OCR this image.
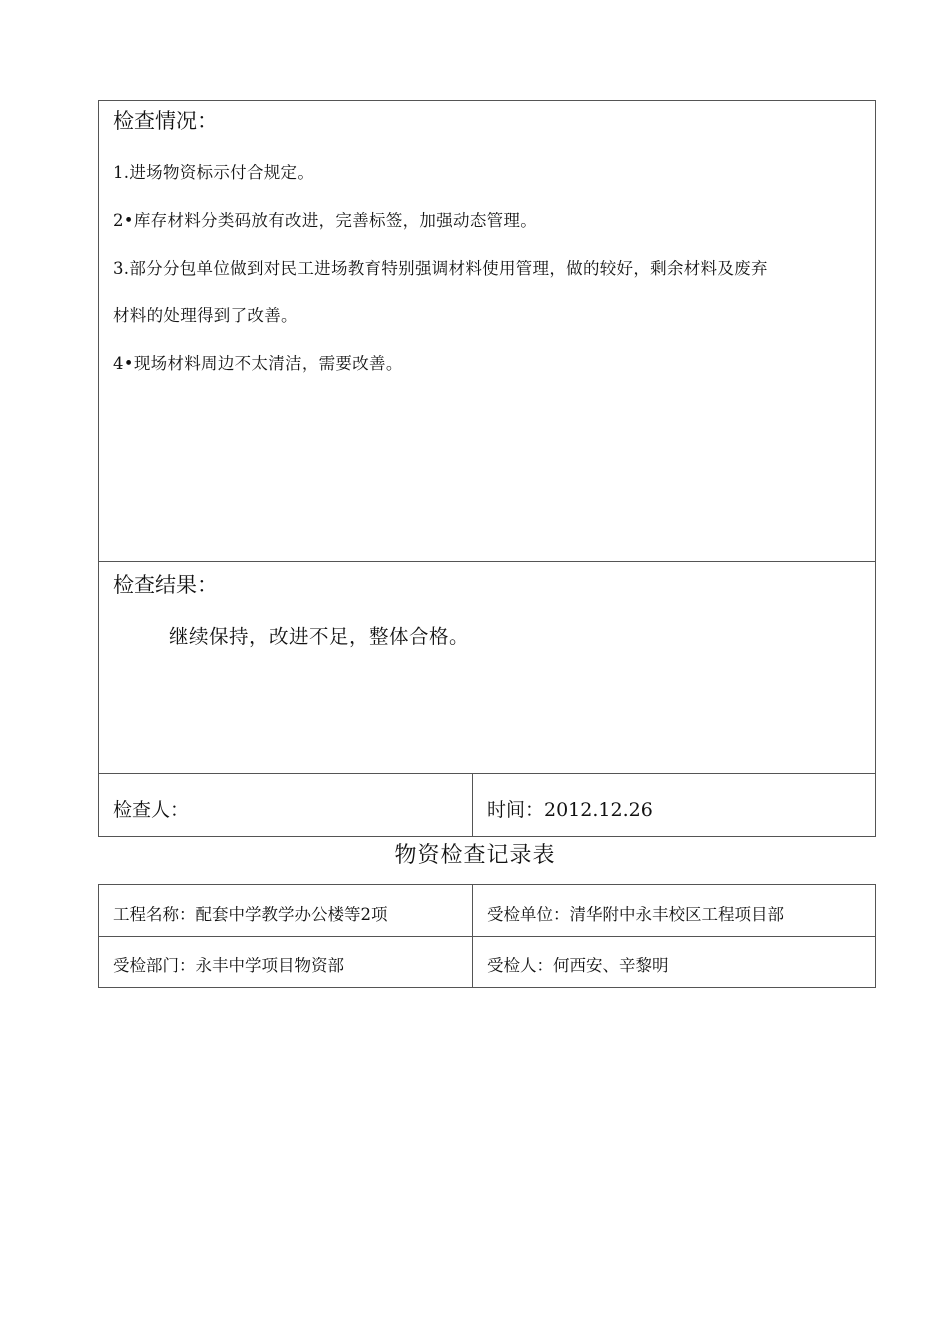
检查情况：
1.进场物资标示付合规定。
2•库存材料分类码放有改进，完善标签，加强动态管理。
3.部分分包单位做到对民工进场教育特别强调材料使用管理，做的较好，剩余材料及废弃
材料的处理得到了改善。
4•现场材料周边不太清洁，需要改善。
检查结果：
继续保持，改进不足，整体合格。
检查人：	时间：2012.12.26
物资检查记录表
工程名称：配套中学教学办公楼等2项	受检单位：清华附中永丰校区工程项目部
受检部门：永丰中学项目物资部	受检人：何西安、辛黎明
